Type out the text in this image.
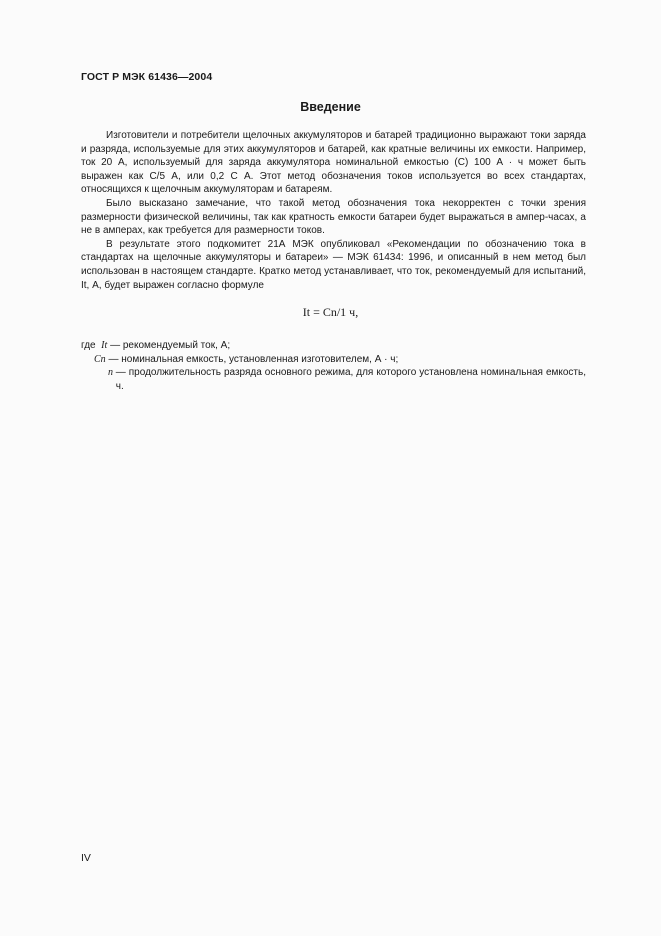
ГОСТ Р МЭК 61436—2004
Введение

Изготовители и потребители щелочных аккумуляторов и батарей традиционно выражают токи заряда и разряда, используемые для этих аккумуляторов и батарей, как кратные величины их емкости. Например, ток 20 А, используемый для заряда аккумулятора номинальной емкостью (С) 100 А · ч может быть выражен как С/5 А, или 0,2 С А. Этот метод обозначения токов используется во всех стандартах, относящихся к щелочным аккумуляторам и батареям.

Было высказано замечание, что такой метод обозначения тока некорректен с точки зрения размерности физической величины, так как кратность емкости батареи будет выражаться в ампер-часах, а не в амперах, как требуется для размерности токов.

В результате этого подкомитет 21А МЭК опубликовал «Рекомендации по обозначению тока в стандартах на щелочные аккумуляторы и батареи» — МЭК 61434: 1996, и описанный в нем метод был использован в настоящем стандарте. Кратко метод устанавливает, что ток, рекомендуемый для испытаний, It, А, будет выражен согласно формуле

It = Cn/1 ч,
где It — рекомендуемый ток, А;
Cn — номинальная емкость, установленная изготовителем, А · ч;
n — продолжительность разряда основного режима, для которого установлена номинальная емкость, ч.
IV
